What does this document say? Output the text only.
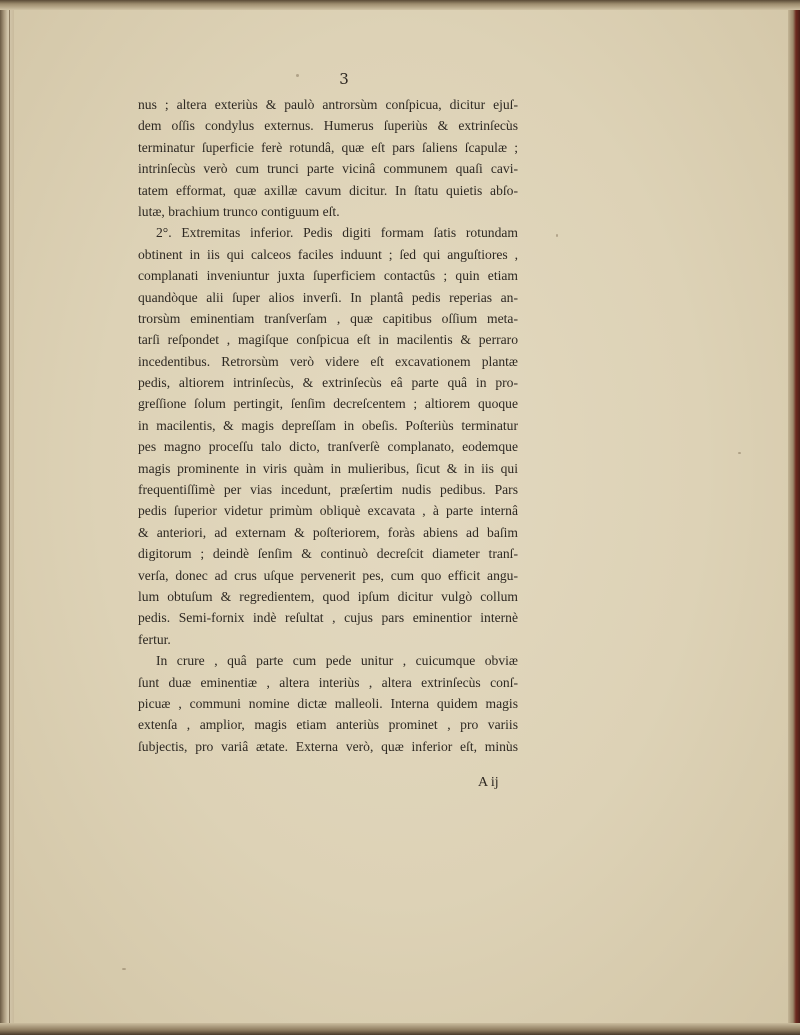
3
nus ; altera exteriùs & paulò antrorsùm conſpicua, dicitur ejuſ-
dem oſſis condylus externus. Humerus ſuperiùs & extrinſecùs
terminatur ſuperficie ferè rotundâ, quæ eſt pars ſaliens ſcapulæ ;
intrinſecùs verò cum trunci parte vicinâ communem quaſi cavi-
tatem efformat, quæ axillæ cavum dicitur. In ſtatu quietis abſo-
lutæ, brachium trunco contiguum eſt.
2°. Extremitas inferior. Pedis digiti formam ſatis rotundam
obtinent in iis qui calceos faciles induunt ; ſed qui anguſtiores ,
complanati inveniuntur juxta ſuperficiem contactûs ; quin etiam
quandòque alii ſuper alios inverſi. In plantâ pedis reperias an-
trorsùm eminentiam tranſverſam , quæ capitibus oſſium meta-
tarſi reſpondet , magiſque conſpicua eſt in macilentis & perraro
incedentibus. Retrorsùm verò videre eſt excavationem plantæ
pedis, altiorem intrinſecùs, & extrinſecùs eâ parte quâ in pro-
greſſione ſolum pertingit, ſenſim decreſcentem ; altiorem quoque
in macilentis, & magis depreſſam in obeſis. Poſteriùs terminatur
pes magno proceſſu talo dicto, tranſverſè complanato, eodemque
magis prominente in viris quàm in mulieribus, ſicut & in iis qui
frequentiſſimè per vias incedunt, præſertim nudis pedibus. Pars
pedis ſuperior videtur primùm obliquè excavata , à parte internâ
& anteriori, ad externam & poſteriorem, foràs abiens ad baſim
digitorum ; deindè ſenſim & continuò decreſcit diameter tranſ-
verſa, donec ad crus uſque pervenerit pes, cum quo efficit angu-
lum obtuſum & regredientem, quod ipſum dicitur vulgò collum
pedis. Semi-fornix indè reſultat , cujus pars eminentior internè
fertur.
In crure , quâ parte cum pede unitur , cuicumque obviæ
ſunt duæ eminentiæ , altera interiùs , altera extrinſecùs conſ-
picuæ , communi nomine dictæ malleoli. Interna quidem magis
extenſa , amplior, magis etiam anteriùs prominet , pro variis
ſubjectis, pro variâ ætate. Externa verò, quæ inferior eſt, minùs
A ij
